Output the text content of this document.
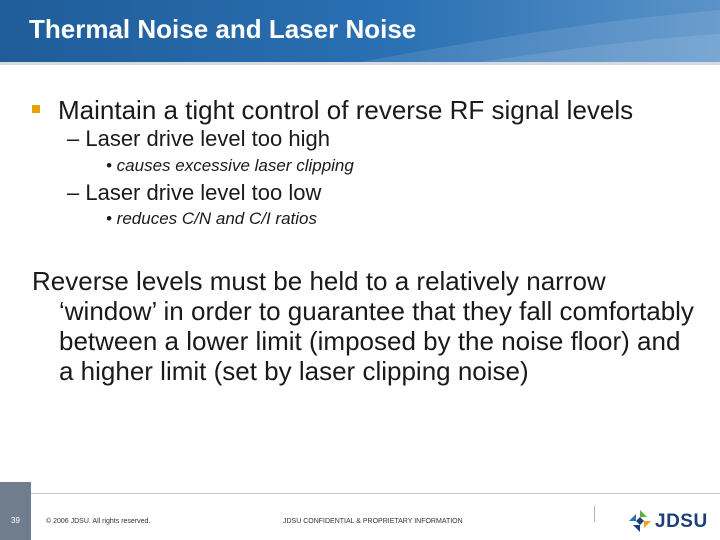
Thermal Noise and Laser Noise
Maintain a tight control of reverse RF signal levels
– Laser drive level too high
• causes excessive laser clipping
– Laser drive level too low
• reduces C/N and C/I ratios
Reverse levels must be held to a relatively narrow
‘window’ in order to guarantee that they fall comfortably between a lower limit (imposed by the noise floor) and a higher limit (set by laser clipping noise)
39	© 2006 JDSU. All rights reserved.	JDSU CONFIDENTIAL & PROPRIETARY INFORMATION	JDSU
